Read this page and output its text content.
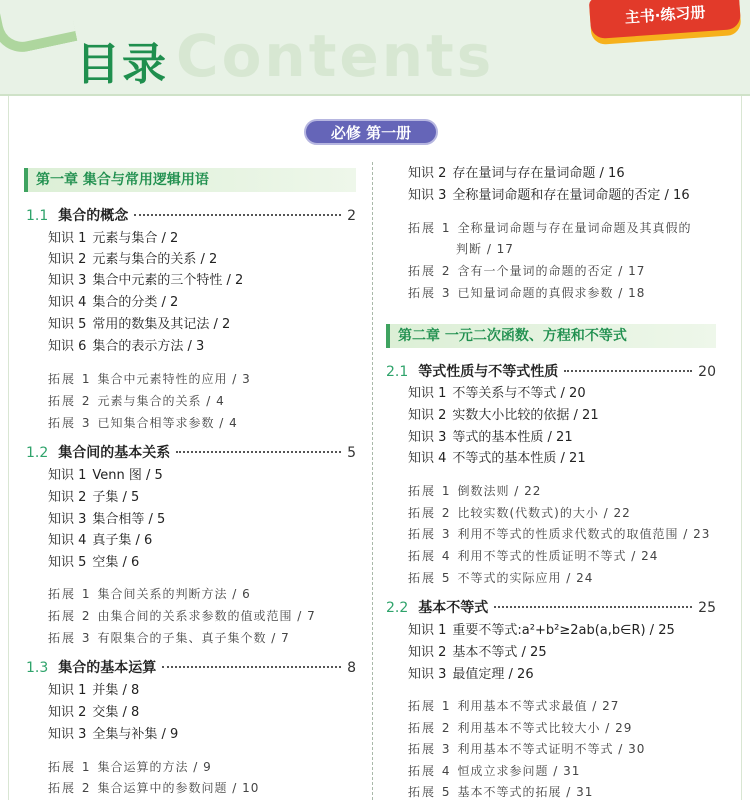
Contents
目录
主书·练习册
必修 第一册
第一章 集合与常用逻辑用语
1.1 集合的概念	2
知识 1 元素与集合 / 2
知识 2 元素与集合的关系 / 2
知识 3 集合中元素的三个特性 / 2
知识 4 集合的分类 / 2
知识 5 常用的数集及其记法 / 2
知识 6 集合的表示方法 / 3
拓展 1 集合中元素特性的应用 / 3
拓展 2 元素与集合的关系 / 4
拓展 3 已知集合相等求参数 / 4
1.2 集合间的基本关系	5
知识 1 Venn 图 / 5
知识 2 子集 / 5
知识 3 集合相等 / 5
知识 4 真子集 / 6
知识 5 空集 / 6
拓展 1 集合间关系的判断方法 / 6
拓展 2 由集合间的关系求参数的值或范围 / 7
拓展 3 有限集合的子集、真子集个数 / 7
1.3 集合的基本运算	8
知识 1 并集 / 8
知识 2 交集 / 8
知识 3 全集与补集 / 9
拓展 1 集合运算的方法 / 9
拓展 2 集合运算中的参数问题 / 10
知识 2 存在量词与存在量词命题 / 16
知识 3 全称量词命题和存在量词命题的否定 / 16
拓展 1 全称量词命题与存在量词命题及其真假的
判断 / 17
拓展 2 含有一个量词的命题的否定 / 17
拓展 3 已知量词命题的真假求参数 / 18
第二章 一元二次函数、方程和不等式
2.1 等式性质与不等式性质	20
知识 1 不等关系与不等式 / 20
知识 2 实数大小比较的依据 / 21
知识 3 等式的基本性质 / 21
知识 4 不等式的基本性质 / 21
拓展 1 倒数法则 / 22
拓展 2 比较实数(代数式)的大小 / 22
拓展 3 利用不等式的性质求代数式的取值范围 / 23
拓展 4 利用不等式的性质证明不等式 / 24
拓展 5 不等式的实际应用 / 24
2.2 基本不等式	25
知识 1 重要不等式:a²+b²≥2ab(a,b∈R) / 25
知识 2 基本不等式 / 25
知识 3 最值定理 / 26
拓展 1 利用基本不等式求最值 / 27
拓展 2 利用基本不等式比较大小 / 29
拓展 3 利用基本不等式证明不等式 / 30
拓展 4 恒成立求参问题 / 31
拓展 5 基本不等式的拓展 / 31
